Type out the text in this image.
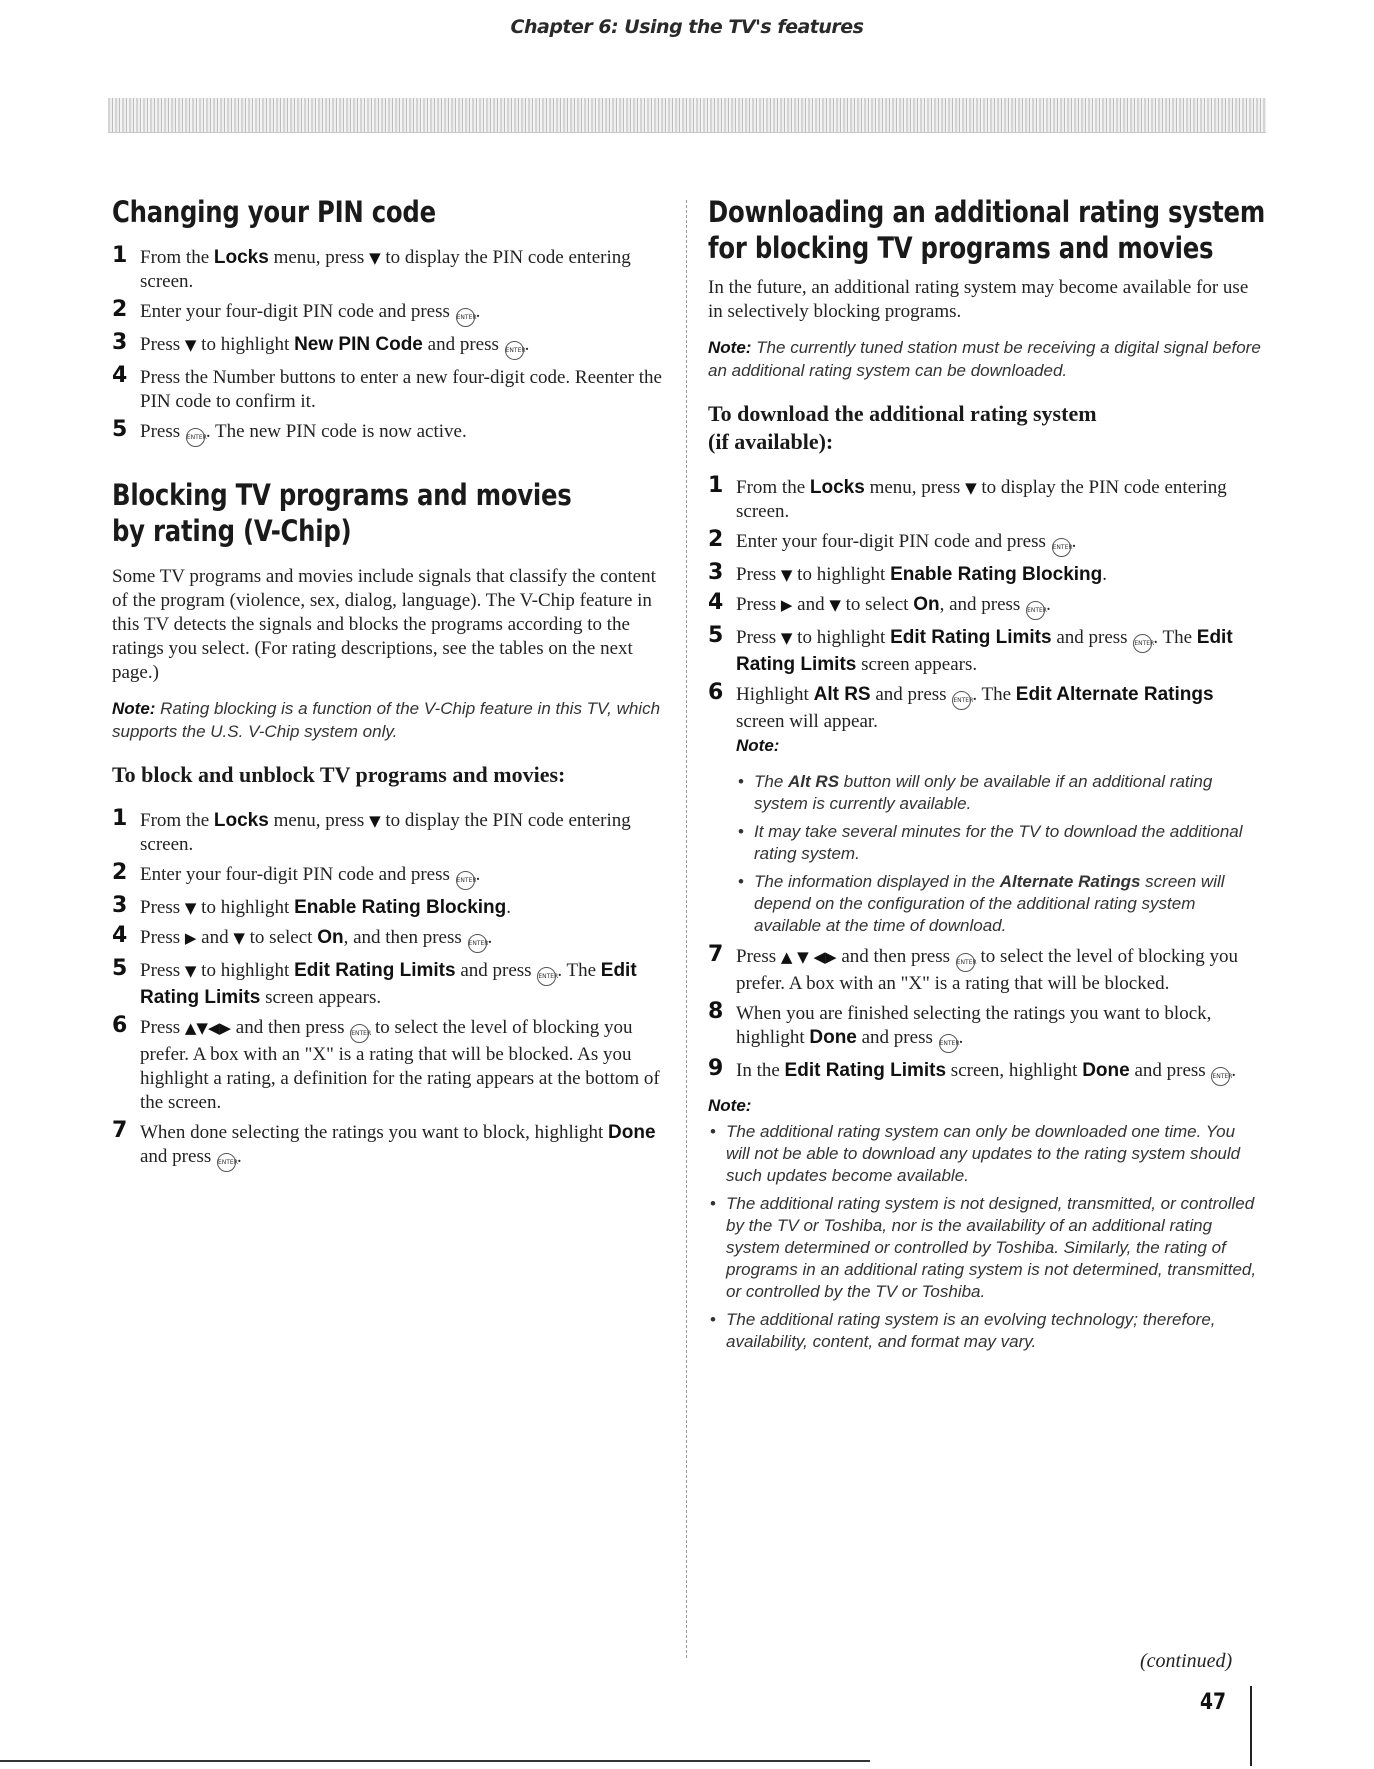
Chapter 6: Using the TV's features
Changing your PIN code
1 From the Locks menu, press ▼ to display the PIN code entering screen.
2 Enter your four-digit PIN code and press ENTER.
3 Press ▼ to highlight New PIN Code and press ENTER.
4 Press the Number buttons to enter a new four-digit code. Reenter the PIN code to confirm it.
5 Press ENTER. The new PIN code is now active.
Blocking TV programs and movies
by rating (V-Chip)

Some TV programs and movies include signals that classify the content of the program (violence, sex, dialog, language). The V-Chip feature in this TV detects the signals and blocks the programs according to the ratings you select. (For rating descriptions, see the tables on the next page.)

Note: Rating blocking is a function of the V-Chip feature in this TV, which supports the U.S. V-Chip system only.

To block and unblock TV programs and movies:
1 From the Locks menu, press ▼ to display the PIN code entering screen.
2 Enter your four-digit PIN code and press ENTER.
3 Press ▼ to highlight Enable Rating Blocking.
4 Press ▶ and ▼ to select On, and then press ENTER.
5 Press ▼ to highlight Edit Rating Limits and press ENTER. The Edit Rating Limits screen appears.
6 Press ▲▼◀▶ and then press ENTER to select the level of blocking you prefer. A box with an "X" is a rating that will be blocked. As you highlight a rating, a definition for the rating appears at the bottom of the screen.
7 When done selecting the ratings you want to block, highlight Done and press ENTER.
Downloading an additional rating system
for blocking TV programs and movies

In the future, an additional rating system may become available for use in selectively blocking programs.

Note: The currently tuned station must be receiving a digital signal before an additional rating system can be downloaded.

To download the additional rating system
(if available):
1 From the Locks menu, press ▼ to display the PIN code entering screen.
2 Enter your four-digit PIN code and press ENTER.
3 Press ▼ to highlight Enable Rating Blocking.
4 Press ▶ and ▼ to select On, and press ENTER.
5 Press ▼ to highlight Edit Rating Limits and press ENTER. The Edit Rating Limits screen appears.
6 Highlight Alt RS and press ENTER. The Edit Alternate Ratings screen will appear.

Note:

• The Alt RS button will only be available if an additional rating system is currently available.
• It may take several minutes for the TV to download the additional rating system.
• The information displayed in the Alternate Ratings screen will depend on the configuration of the additional rating system available at the time of download.
7 Press ▲ ▼ ◀▶ and then press ENTER to select the level of blocking you prefer. A box with an "X" is a rating that will be blocked.
8 When you are finished selecting the ratings you want to block, highlight Done and press ENTER.
9 In the Edit Rating Limits screen, highlight Done and press ENTER.

Note:

• The additional rating system can only be downloaded one time. You will not be able to download any updates to the rating system should such updates become available.
• The additional rating system is not designed, transmitted, or controlled by the TV or Toshiba, nor is the availability of an additional rating system determined or controlled by Toshiba. Similarly, the rating of programs in an additional rating system is not determined, transmitted, or controlled by the TV or Toshiba.
• The additional rating system is an evolving technology; therefore, availability, content, and format may vary.
(continued)
47
